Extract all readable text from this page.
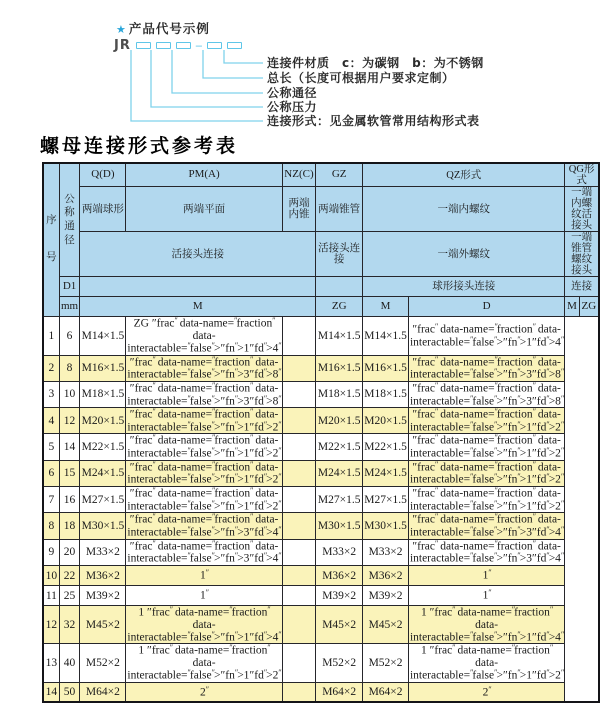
★ 产品代号示例
JR	–
连接件材质　c：为碳钢　b：为不锈钢
总长（长度可根据用户要求定制）
公称通径
公称压力
连接形式：见金属软管常用结构形式表
螺母连接形式参考表
序号	公称通径	Q(D)	PM(A)	NZ(C)	GZ	QZ形式		QG形式	
		两端球形	两端平面	两端内锥	两端锥管	一端内螺纹		一端内螺纹活接头	
		活接头连接			活接头连接	一端外螺纹		一端锥管螺纹接头	
	D1					球形接头连接		连接	
	mm	M			ZG	M	D	M	ZG
1	6	M14×1.5	ZG ″frac″ data-name=″fraction″ data-interactable=″false″>″fn″>1″fd″>4″		M14×1.5	M14×1.5	″frac″ data-name=″fraction″ data-interactable=″false″>″fn″>1″fd″>4″
2	8	M16×1.5	″frac″ data-name=″fraction″ data-interactable=″false″>″fn″>3″fd″>8″		M16×1.5	M16×1.5	″frac″ data-name=″fraction″ data-interactable=″false″>″fn″>3″fd″>8″
3	10	M18×1.5	″frac″ data-name=″fraction″ data-interactable=″false″>″fn″>3″fd″>8″		M18×1.5	M18×1.5	″frac″ data-name=″fraction″ data-interactable=″false″>″fn″>3″fd″>8″
4	12	M20×1.5	″frac″ data-name=″fraction″ data-interactable=″false″>″fn″>1″fd″>2″		M20×1.5	M20×1.5	″frac″ data-name=″fraction″ data-interactable=″false″>″fn″>1″fd″>2″
5	14	M22×1.5	″frac″ data-name=″fraction″ data-interactable=″false″>″fn″>1″fd″>2″		M22×1.5	M22×1.5	″frac″ data-name=″fraction″ data-interactable=″false″>″fn″>1″fd″>2″
6	15	M24×1.5	″frac″ data-name=″fraction″ data-interactable=″false″>″fn″>1″fd″>2″		M24×1.5	M24×1.5	″frac″ data-name=″fraction″ data-interactable=″false″>″fn″>1″fd″>2″
7	16	M27×1.5	″frac″ data-name=″fraction″ data-interactable=″false″>″fn″>1″fd″>2″		M27×1.5	M27×1.5	″frac″ data-name=″fraction″ data-interactable=″false″>″fn″>1″fd″>2″
8	18	M30×1.5	″frac″ data-name=″fraction″ data-interactable=″false″>″fn″>3″fd″>4″		M30×1.5	M30×1.5	″frac″ data-name=″fraction″ data-interactable=″false″>″fn″>3″fd″>4″
9	20	M33×2	″frac″ data-name=″fraction″ data-interactable=″false″>″fn″>3″fd″>4″		M33×2	M33×2	″frac″ data-name=″fraction″ data-interactable=″false″>″fn″>3″fd″>4″
10	22	M36×2	1″		M36×2	M36×2	1″
11	25	M39×2	1″		M39×2	M39×2	1″
12	32	M45×2	1 ″frac″ data-name=″fraction″ data-interactable=″false″>″fn″>1″fd″>4″		M45×2	M45×2	1 ″frac″ data-name=″fraction″ data-interactable=″false″>″fn″>1″fd″>4″
13	40	M52×2	1 ″frac″ data-name=″fraction″ data-interactable=″false″>″fn″>1″fd″>2″		M52×2	M52×2	1 ″frac″ data-name=″fraction″ data-interactable=″false″>″fn″>1″fd″>2″
14	50	M64×2	2″		M64×2	M64×2	2″
